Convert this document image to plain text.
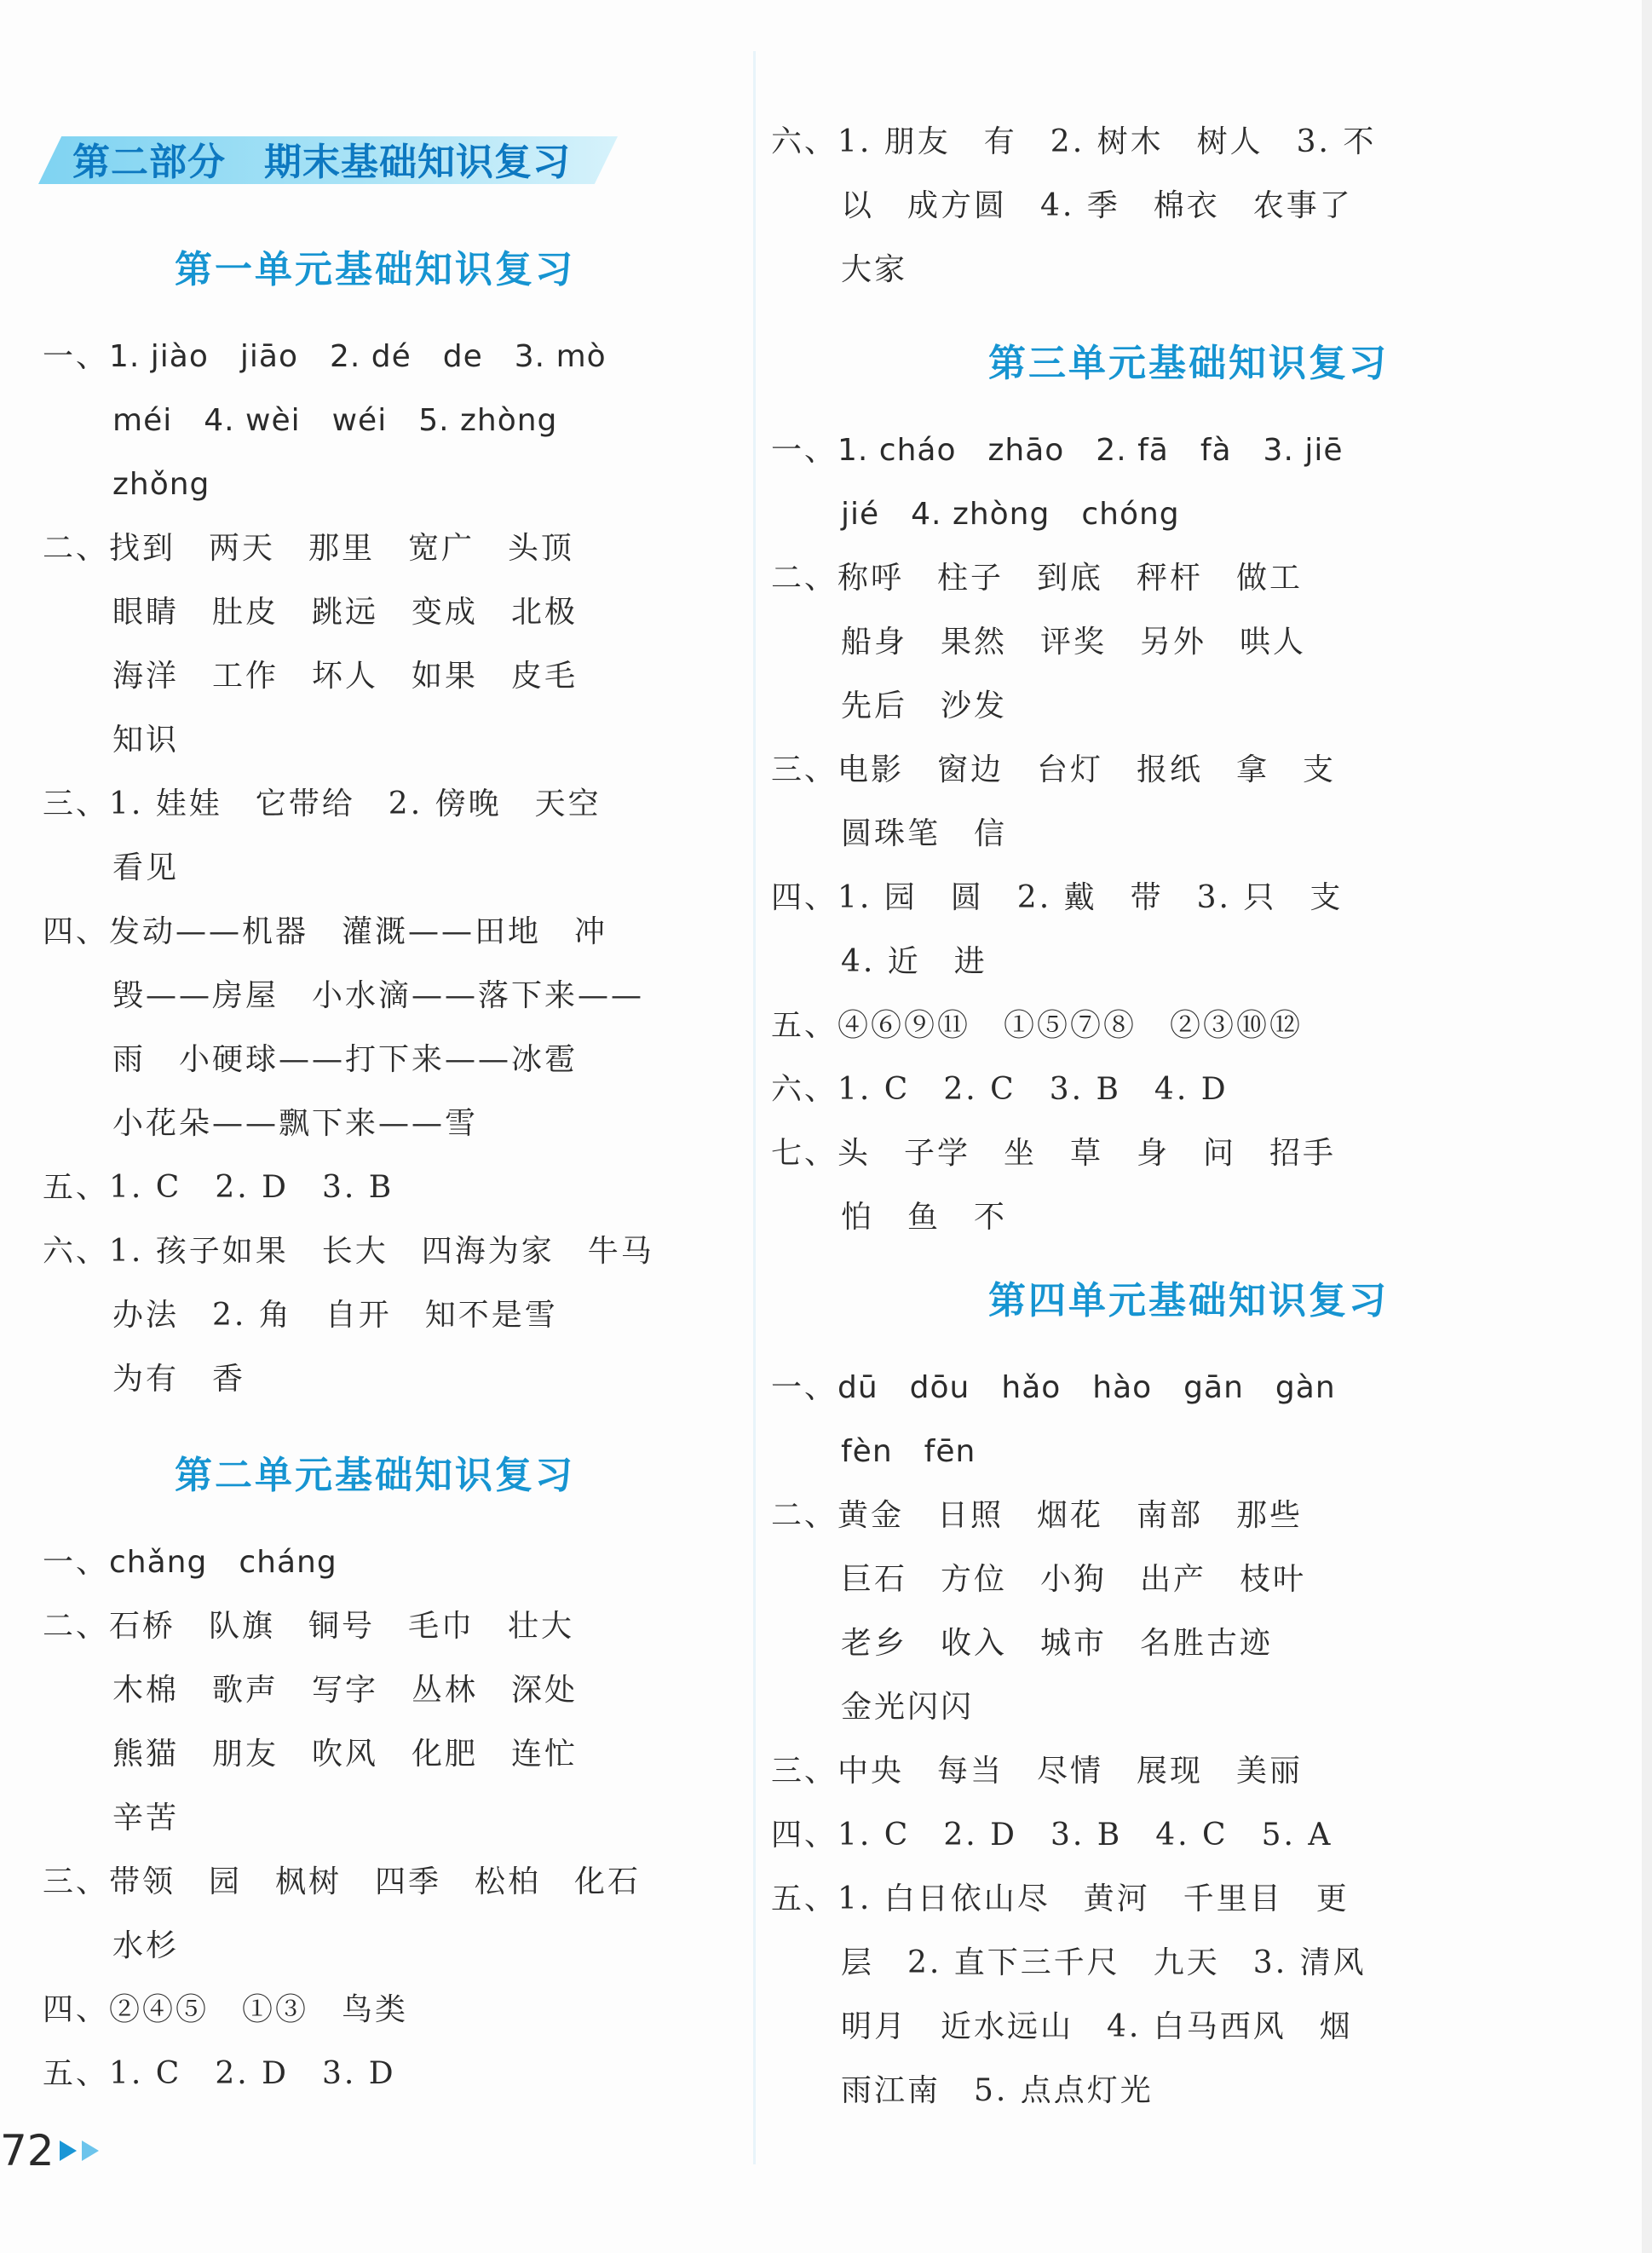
第二部分　期末基础知识复习
第一单元基础知识复习
一、1. jiào　jiāo　2. dé　de　3. mò
méi　4. wèi　wéi　5. zhòng
zhǒng
二、找到　两天　那里　宽广　头顶
眼睛　肚皮　跳远　变成　北极
海洋　工作　坏人　如果　皮毛
知识
三、1. 娃娃　它带给　2. 傍晚　天空
看见
四、发动——机器　灌溉——田地　冲
毁——房屋　小水滴——落下来——
雨　小硬球——打下来——冰雹
小花朵——飘下来——雪
五、1. C　2. D　3. B
六、1. 孩子如果　长大　四海为家　牛马
办法　2. 角　自开　知不是雪
为有　香
第二单元基础知识复习
一、chǎng　cháng
二、石桥　队旗　铜号　毛巾　壮大
木棉　歌声　写字　丛林　深处
熊猫　朋友　吹风　化肥　连忙
辛苦
三、带领　园　枫树　四季　松柏　化石
水杉
四、②④⑤　①③　鸟类
五、1. C　2. D　3. D
72
六、1. 朋友　有　2. 树木　树人　3. 不
以　成方圆　4. 季　棉衣　农事了
大家
第三单元基础知识复习
一、1. cháo　zhāo　2. fā　fà　3. jiē
jié　4. zhòng　chóng
二、称呼　柱子　到底　秤杆　做工
船身　果然　评奖　另外　哄人
先后　沙发
三、电影　窗边　台灯　报纸　拿　支
圆珠笔　信
四、1. 园　圆　2. 戴　带　3. 只　支
4. 近　进
五、④⑥⑨⑪　①⑤⑦⑧　②③⑩⑫
六、1. C　2. C　3. B　4. D
七、头　子学　坐　草　身　问　招手
怕　鱼　不
第四单元基础知识复习
一、dū　dōu　hǎo　hào　gān　gàn
fèn　fēn
二、黄金　日照　烟花　南部　那些
巨石　方位　小狗　出产　枝叶
老乡　收入　城市　名胜古迹
金光闪闪
三、中央　每当　尽情　展现　美丽
四、1. C　2. D　3. B　4. C　5. A
五、1. 白日依山尽　黄河　千里目　更
层　2. 直下三千尺　九天　3. 清风
明月　近水远山　4. 白马西风　烟
雨江南　5. 点点灯光
